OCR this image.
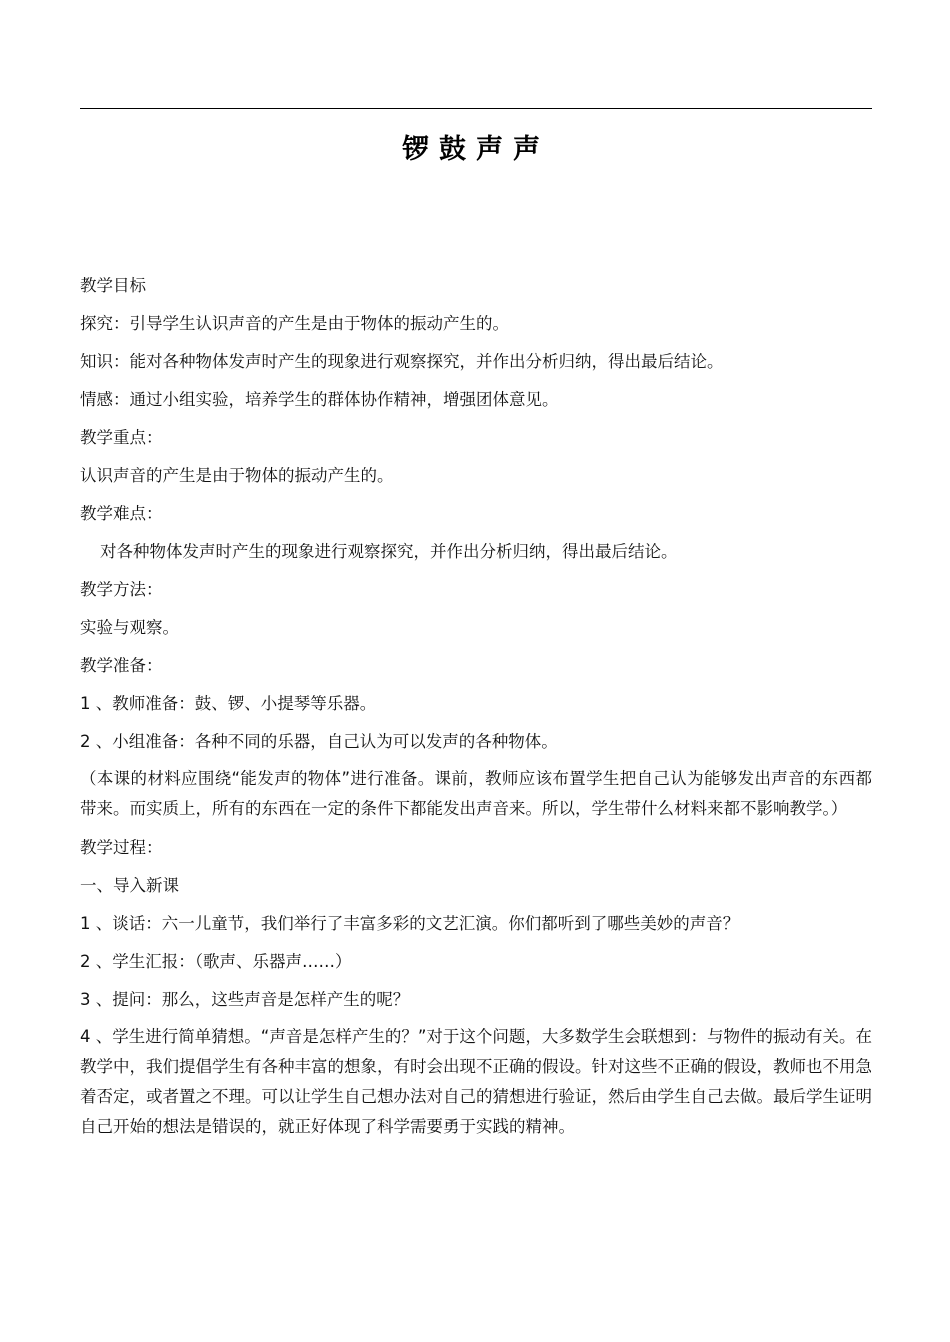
锣鼓声声
教学目标
探究：引导学生认识声音的产生是由于物体的振动产生的。
知识：能对各种物体发声时产生的现象进行观察探究，并作出分析归纳，得出最后结论。
情感：通过小组实验，培养学生的群体协作精神，增强团体意见。
教学重点：
认识声音的产生是由于物体的振动产生的。
教学难点：
对各种物体发声时产生的现象进行观察探究，并作出分析归纳，得出最后结论。
教学方法：
实验与观察。
教学准备：
1 、教师准备：鼓、锣、小提琴等乐器。
2 、小组准备：各种不同的乐器，自己认为可以发声的各种物体。
（本课的材料应围绕“能发声的物体”进行准备。课前，教师应该布置学生把自己认为能够发出声音的东西都带来。而实质上，所有的东西在一定的条件下都能发出声音来。所以，学生带什么材料来都不影响教学。）
教学过程：
一、导入新课
1 、谈话：六一儿童节，我们举行了丰富多彩的文艺汇演。你们都听到了哪些美妙的声音？
2 、学生汇报：（歌声、乐器声……）
3 、提问：那么，这些声音是怎样产生的呢？
4 、学生进行简单猜想。“声音是怎样产生的？”对于这个问题，大多数学生会联想到：与物件的振动有关。在教学中，我们提倡学生有各种丰富的想象，有时会出现不正确的假设。针对这些不正确的假设，教师也不用急着否定，或者置之不理。可以让学生自己想办法对自己的猜想进行验证，然后由学生自己去做。最后学生证明自己开始的想法是错误的，就正好体现了科学需要勇于实践的精神。
